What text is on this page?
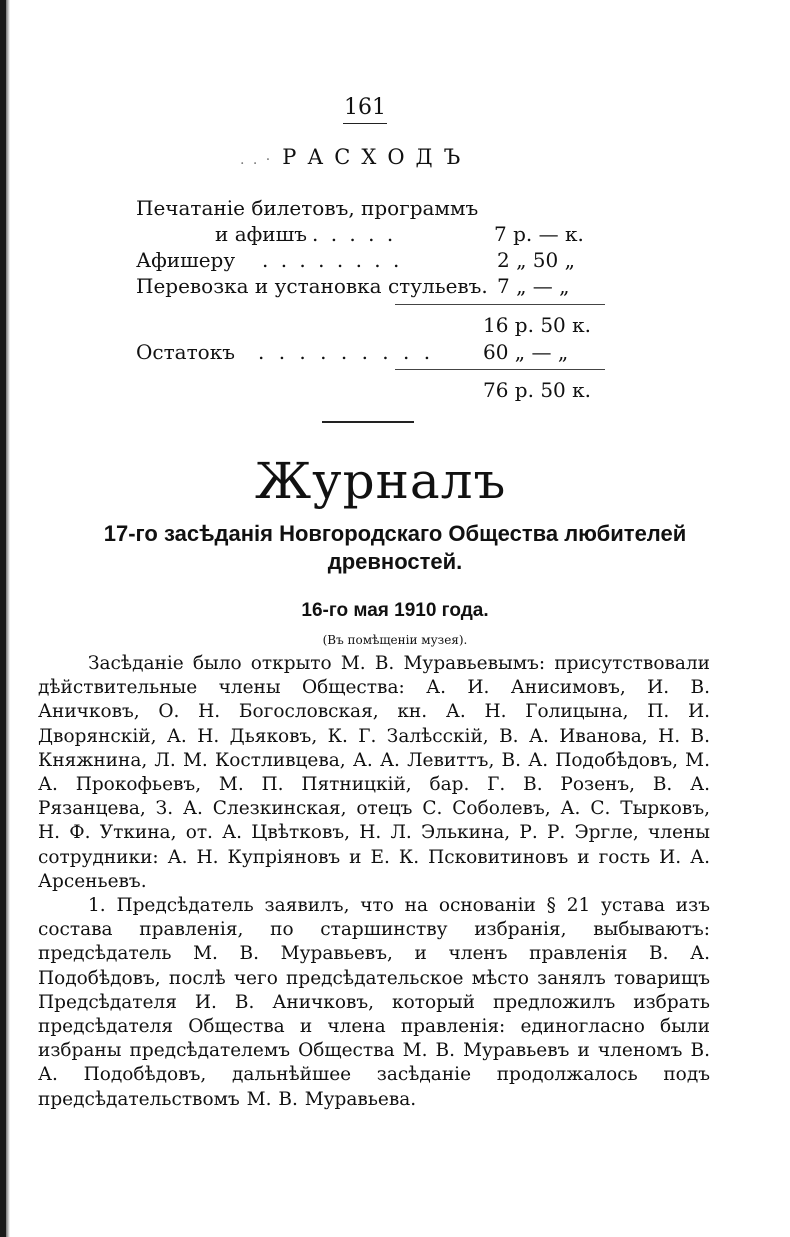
161
. . · РАСХОДЪ
Печатаніе билетовъ, программъ
и афишъ . . . . .	7 р. — к.
Афишеру . . . . . . . .	2 „ 50 „
Перевозка и установка стульевъ. 7 „ — „
16 р. 50 к.
Остатокъ . . . . . . . . . 60 „ — „
76 р. 50 к.
Журналъ
17-го засѣданія Новгородскаго Общества любителей древностей.
16-го мая 1910 года.
(Въ помѣщеніи музея).

Засѣданіе было открыто М. В. Муравьевымъ: присутствовали дѣйствительные члены Общества: А. И. Анисимовъ, И. В. Аничковъ, О. Н. Богословская, кн. А. Н. Голицына, П. И. Дворянскій, А. Н. Дьяковъ, К. Г. Залѣсскій, В. А. Иванова, Н. В. Княжнина, Л. М. Костливцева, А. А. Левиттъ, В. А. Подобѣдовъ, М. А. Прокофьевъ, М. П. Пятницкій, бар. Г. В. Розенъ, В. А. Рязанцева, З. А. Слезкинская, отецъ С. Соболевъ, А. С. Тырковъ, Н. Ф. Уткина, от. А. Цвѣтковъ, Н. Л. Элькина, Р. Р. Эргле, члены сотрудники: А. Н. Купріяновъ и Е. К. Псковитиновъ и гость И. А. Арсеньевъ.

1. Предсѣдатель заявилъ, что на основаніи § 21 устава изъ состава правленія, по старшинству избранія, выбываютъ: предсѣдатель М. В. Муравьевъ, и членъ правленія В. А. Подобѣдовъ, послѣ чего предсѣдательское мѣсто занялъ товарищъ Предсѣдателя И. В. Аничковъ, который предложилъ избрать предсѣдателя Общества и члена правленія: единогласно были избраны предсѣдателемъ Общества М. В. Муравьевъ и членомъ В. А. Подобѣдовъ, дальнѣйшее засѣданіе продолжалось подъ предсѣдательствомъ М. В. Муравьева.
